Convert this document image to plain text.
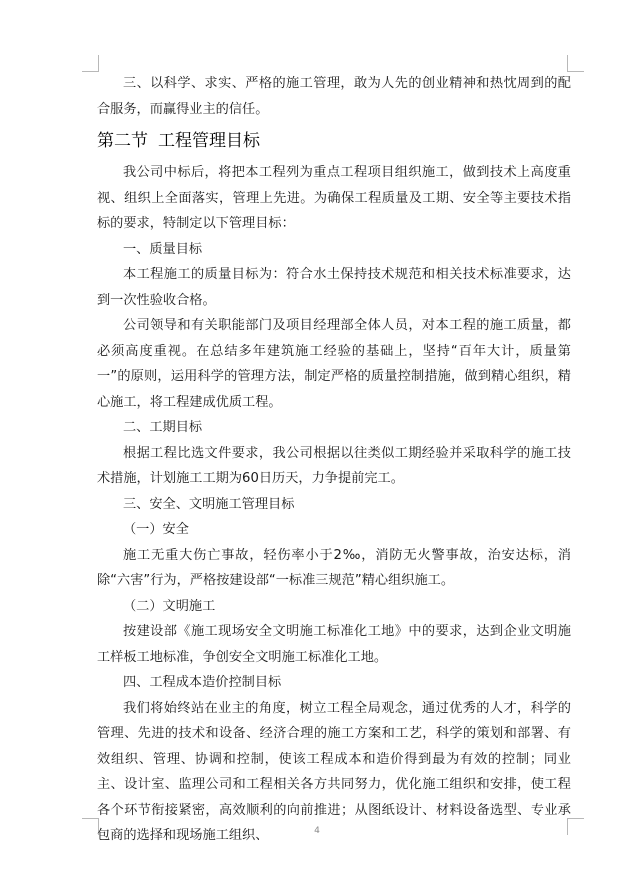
三、以科学、求实、严格的施工管理，敢为人先的创业精神和热忱周到的配合服务，而赢得业主的信任。

第二节 工程管理目标

我公司中标后，将把本工程列为重点工程项目组织施工，做到技术上高度重视、组织上全面落实，管理上先进。为确保工程质量及工期、安全等主要技术指标的要求，特制定以下管理目标：

一、质量目标

本工程施工的质量目标为：符合水土保持技术规范和相关技术标准要求，达到一次性验收合格。

公司领导和有关职能部门及项目经理部全体人员，对本工程的施工质量，都必须高度重视。在总结多年建筑施工经验的基础上，坚持“百年大计，质量第一”的原则，运用科学的管理方法，制定严格的质量控制措施，做到精心组织，精心施工，将工程建成优质工程。

二、工期目标

根据工程比选文件要求，我公司根据以往类似工期经验并采取科学的施工技术措施，计划施工工期为60日历天，力争提前完工。

三、安全、文明施工管理目标

（一）安全

施工无重大伤亡事故，轻伤率小于2‰，消防无火警事故，治安达标，消除“六害”行为，严格按建设部“一标准三规范”精心组织施工。

（二）文明施工

按建设部《施工现场安全文明施工标准化工地》中的要求，达到企业文明施工样板工地标准，争创安全文明施工标准化工地。

四、工程成本造价控制目标

我们将始终站在业主的角度，树立工程全局观念，通过优秀的人才，科学的管理、先进的技术和设备、经济合理的施工方案和工艺，科学的策划和部署、有效组织、管理、协调和控制，使该工程成本和造价得到最为有效的控制；同业主、设计室、监理公司和工程相关各方共同努力，优化施工组织和安排，使工程各个环节衔接紧密，高效顺利的向前推进；从图纸设计、材料设备选型、专业承包商的选择和现场施工组织、	4
